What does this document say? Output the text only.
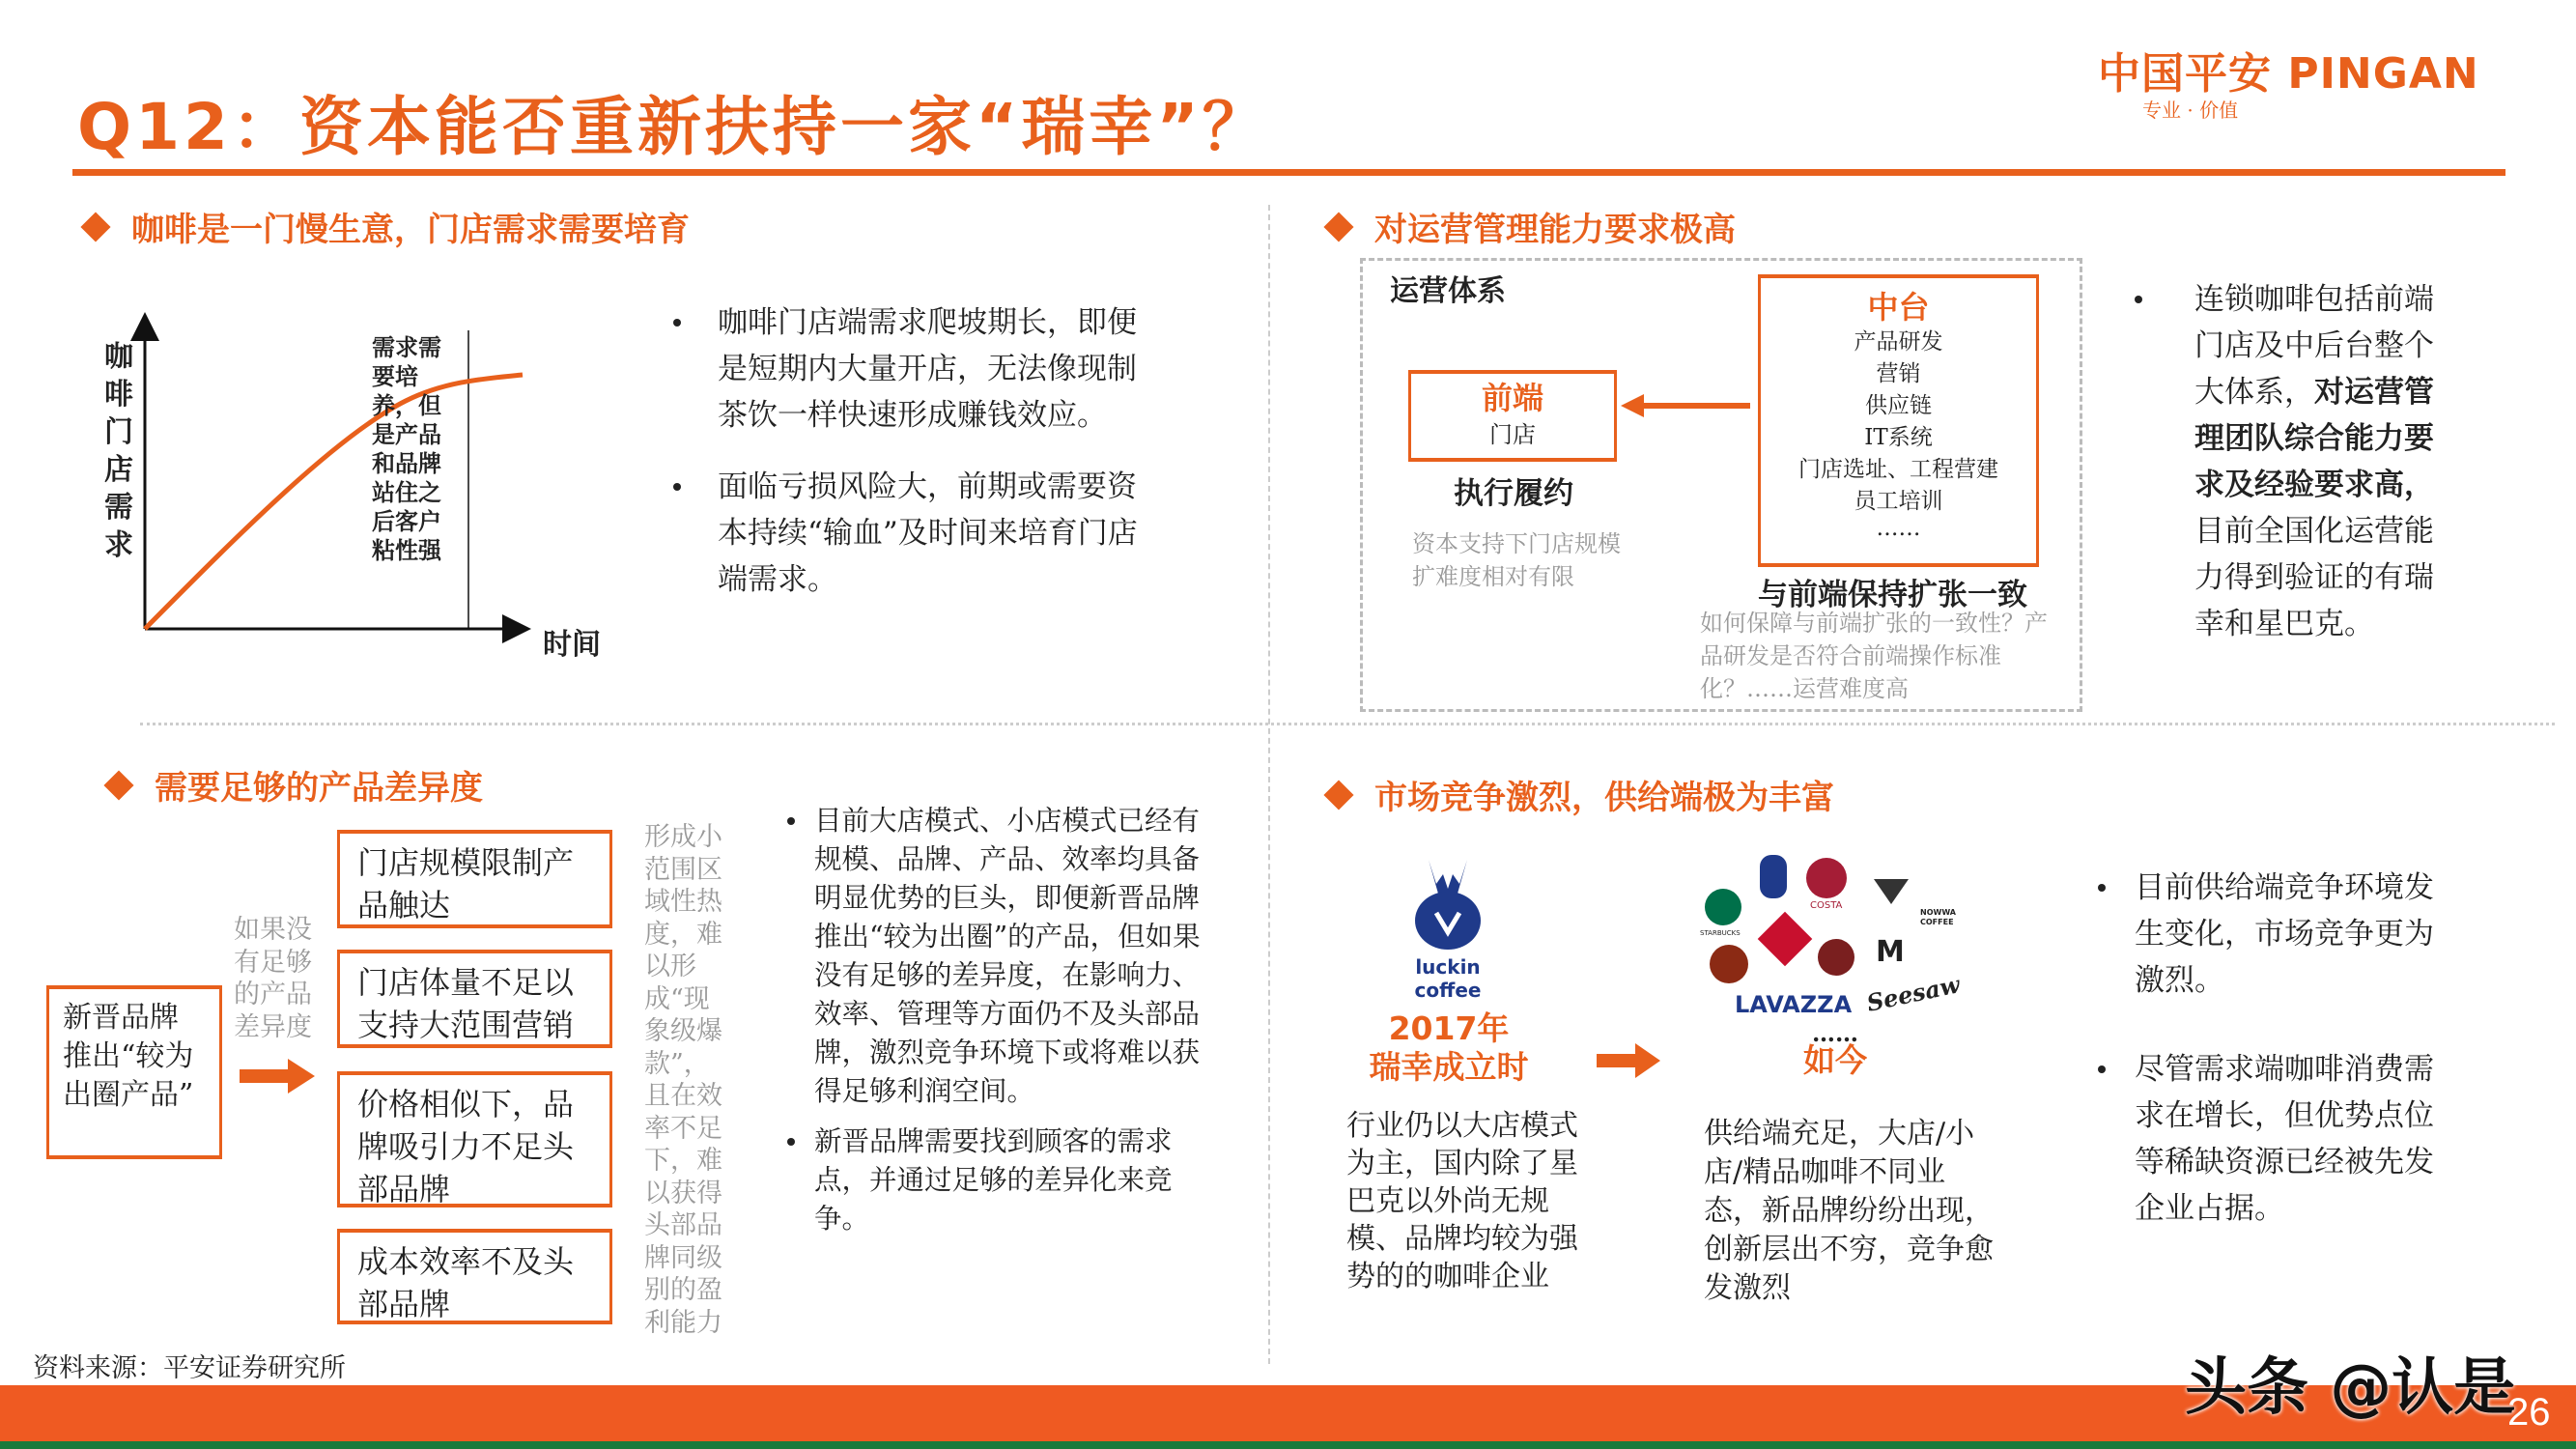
Q12：资本能否重新扶持一家“瑞幸”？
中国平安 PINGAN
专业 · 价值
咖啡是一门慢生意，门店需求需要培育
咖啡门店需求
需求需要培养，但是产品和品牌站住之后客户粘性强
时间
咖啡门店端需求爬坡期长，即便是短期内大量开店，无法像现制茶饮一样快速形成赚钱效应。
面临亏损风险大，前期或需要资本持续“输血”及时间来培育门店端需求。
对运营管理能力要求极高
运营体系
前端
门店
中台
产品研发
营销
供应链
IT系统
门店选址、工程营建
员工培训
……
执行履约
资本支持下门店规模扩难度相对有限
与前端保持扩张一致
如何保障与前端扩张的一致性？产品研发是否符合前端操作标准化？……运营难度高
连锁咖啡包括前端门店及中后台整个大体系，对运营管理团队综合能力要求及经验要求高，目前全国化运营能力得到验证的有瑞幸和星巴克。
需要足够的产品差异度
新晋品牌推出“较为出圈产品”
如果没有足够的产品差异度
门店规模限制产品触达
门店体量不足以支持大范围营销
价格相似下，品牌吸引力不足头部品牌
成本效率不及头部品牌
形成小范围区域性热度，难以形成“现象级爆款”，且在效率不足下，难以获得头部品牌同级别的盈利能力
目前大店模式、小店模式已经有规模、品牌、产品、效率均具备明显优势的巨头，即便新晋品牌推出“较为出圈”的产品，但如果没有足够的差异度，在影响力、效率、管理等方面仍不及头部品牌，激烈竞争环境下或将难以获得足够利润空间。
新晋品牌需要找到顾客的需求点，并通过足够的差异化来竞争。
市场竞争激烈，供给端极为丰富
luckin coffee
STARBUCKS
COSTA
M
NOWWA COFFEE
LAVAZZA Seesaw
2017年
瑞幸成立时
……
如今
行业仍以大店模式为主，国内除了星巴克以外尚无规模、品牌均较为强势的的咖啡企业
供给端充足，大店/小店/精品咖啡不同业态，新品牌纷纷出现，创新层出不穷，竞争愈发激烈
目前供给端竞争环境发生变化，市场竞争更为激烈。
尽管需求端咖啡消费需求在增长，但优势点位等稀缺资源已经被先发企业占据。
资料来源：平安证券研究所	头条 @认是
26
